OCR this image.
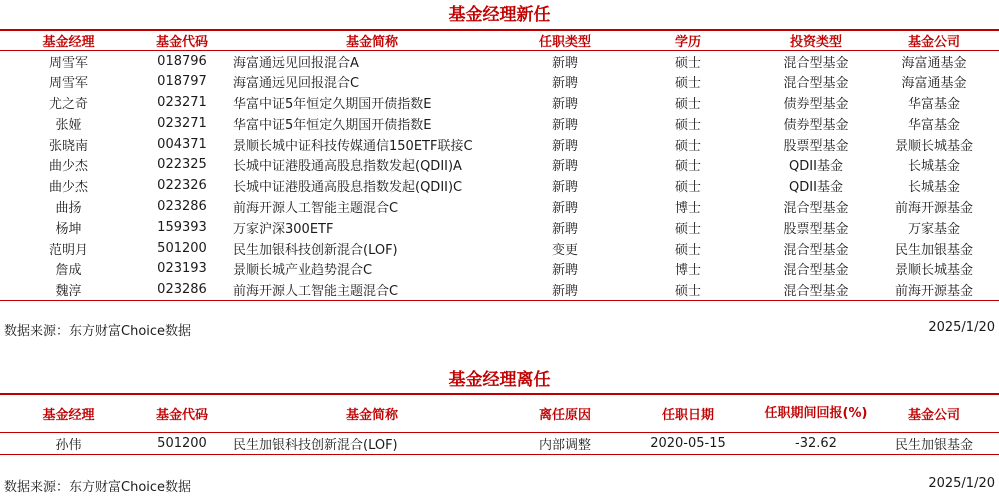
基金经理新任
基金经理	基金代码	基金简称	任职类型	学历	投资类型	基金公司
周雪军	018796	海富通远见回报混合A	新聘	硕士	混合型基金	海富通基金
周雪军	018797	海富通远见回报混合C	新聘	硕士	混合型基金	海富通基金
尤之奇	023271	华富中证5年恒定久期国开债指数E	新聘	硕士	债券型基金	华富基金
张娅	023271	华富中证5年恒定久期国开债指数E	新聘	硕士	债券型基金	华富基金
张晓南	004371	景顺长城中证科技传媒通信150ETF联接C	新聘	硕士	股票型基金	景顺长城基金
曲少杰	022325	长城中证港股通高股息指数发起(QDII)A	新聘	硕士	QDII基金	长城基金
曲少杰	022326	长城中证港股通高股息指数发起(QDII)C	新聘	硕士	QDII基金	长城基金
曲扬	023286	前海开源人工智能主题混合C	新聘	博士	混合型基金	前海开源基金
杨坤	159393	万家沪深300ETF	新聘	硕士	股票型基金	万家基金
范明月	501200	民生加银科技创新混合(LOF)	变更	硕士	混合型基金	民生加银基金
詹成	023193	景顺长城产业趋势混合C	新聘	博士	混合型基金	景顺长城基金
魏淳	023286	前海开源人工智能主题混合C	新聘	硕士	混合型基金	前海开源基金
数据来源：东方财富Choice数据	2025/1/20
基金经理离任
基金经理	基金代码	基金简称	离任原因	任职日期	任职期间回报(%)	基金公司
孙伟	501200	民生加银科技创新混合(LOF)	内部调整	2020-05-15	-32.62	民生加银基金
数据来源：东方财富Choice数据	2025/1/20
